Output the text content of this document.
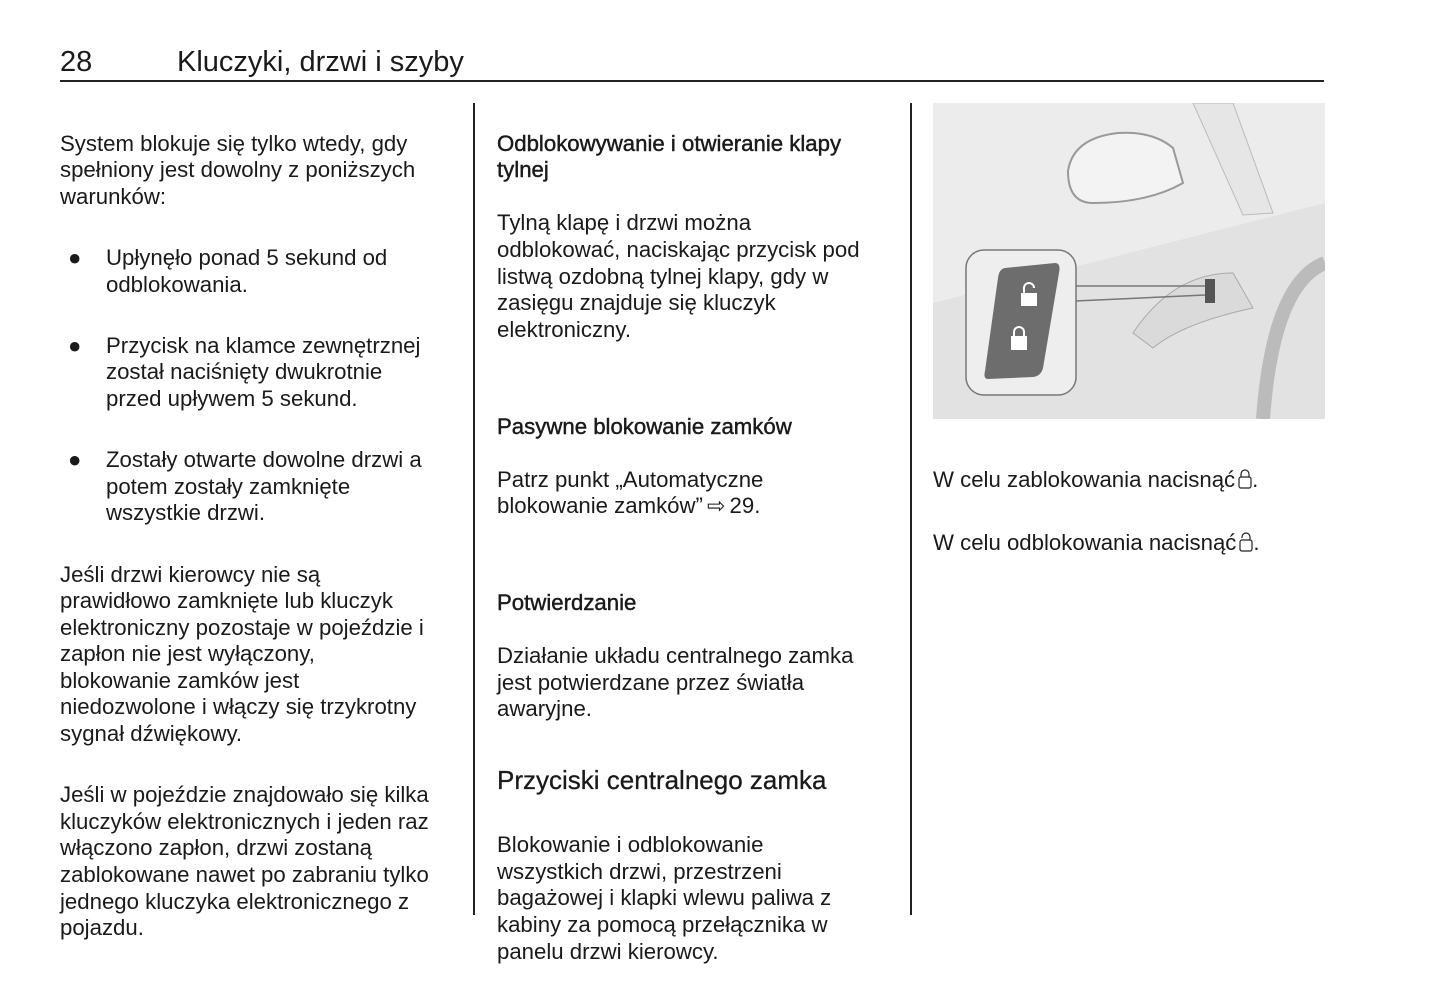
28	Kluczyki, drzwi i szyby

System blokuje się tylko wtedy, gdy
spełniony jest dowolny z poniższych
warunków:

● Upłynęło ponad 5 sekund od
odblokowania.

● Przycisk na klamce zewnętrznej
został naciśnięty dwukrotnie
przed upływem 5 sekund.

● Zostały otwarte dowolne drzwi a
potem zostały zamknięte
wszystkie drzwi.

Jeśli drzwi kierowcy nie są
prawidłowo zamknięte lub kluczyk
elektroniczny pozostaje w pojeździe i
zapłon nie jest wyłączony,
blokowanie zamków jest
niedozwolone i włączy się trzykrotny
sygnał dźwiękowy.

Jeśli w pojeździe znajdowało się kilka
kluczyków elektronicznych i jeden raz
włączono zapłon, drzwi zostaną
zablokowane nawet po zabraniu tylko
jednego kluczyka elektronicznego z
pojazdu.

Odblokowywanie i otwieranie klapy
tylnej

Tylną klapę i drzwi można
odblokować, naciskając przycisk pod
listwą ozdobną tylnej klapy, gdy w
zasięgu znajduje się kluczyk
elektroniczny.

Pasywne blokowanie zamków

Patrz punkt „Automatyczne
blokowanie zamków” ⇨ 29.

Potwierdzanie

Działanie układu centralnego zamka
jest potwierdzane przez światła
awaryjne.

Przyciski centralnego zamka

Blokowanie i odblokowanie
wszystkich drzwi, przestrzeni
bagażowej i klapki wlewu paliwa z
kabiny za pomocą przełącznika w
panelu drzwi kierowcy.

W celu zablokowania nacisnąć .

W celu odblokowania nacisnąć .
